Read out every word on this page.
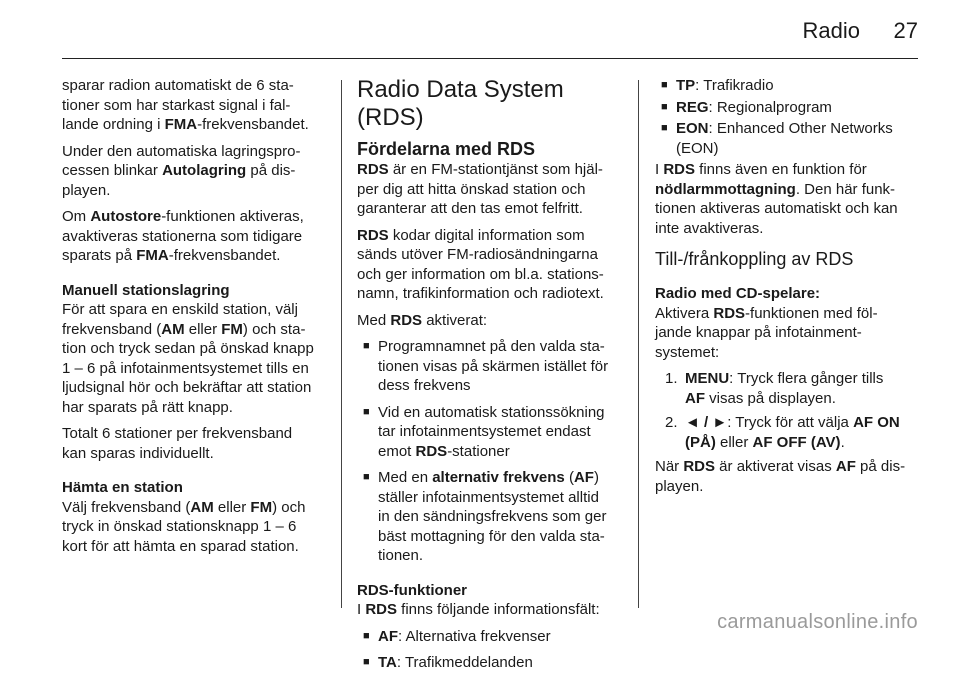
Radio 27

sparar radion automatiskt de 6 sta-
tioner som har starkast signal i fal-
lande ordning i FMA-frekvensbandet.

Under den automatiska lagringspro-
cessen blinkar Autolagring på dis-
playen.

Om Autostore-funktionen aktiveras,
avaktiveras stationerna som tidigare
sparats på FMA-frekvensbandet.

Manuell stationslagring

För att spara en enskild station, välj
frekvensband (AM eller FM) och sta-
tion och tryck sedan på önskad knapp
1 – 6 på infotainmentsystemet tills en
ljudsignal hör och bekräftar att station
har sparats på rätt knapp.

Totalt 6 stationer per frekvensband
kan sparas individuellt.

Hämta en station

Välj frekvensband (AM eller FM) och
tryck in önskad stationsknapp 1 – 6
kort för att hämta en sparad station.

Radio Data System (RDS)
Fördelarna med RDS

RDS är en FM-stationtjänst som hjäl-
per dig att hitta önskad station och
garanterar att den tas emot felfritt.

RDS kodar digital information som
sänds utöver FM-radiosändningarna
och ger information om bl.a. stations-
namn, trafikinformation och radiotext.

Med RDS aktiverat:

■ Programnamnet på den valda sta-
tionen visas på skärmen istället för
dess frekvens
■ Vid en automatisk stationssökning
tar infotainmentsystemet endast
emot RDS-stationer
■ Med en alternativ frekvens (AF)
ställer infotainmentsystemet alltid
in den sändningsfrekvens som ger
bäst mottagning för den valda sta-
tionen.
RDS-funktioner

I RDS finns följande informationsfält:

■ AF: Alternativa frekvenser
■ TA: Trafikmeddelanden
■ TP: Trafikradio
■ REG: Regionalprogram
■ EON: Enhanced Other Networks
(EON)

I RDS finns även en funktion för
nödlarmmottagning. Den här funk-
tionen aktiveras automatiskt och kan
inte avaktiveras.

Till-/frånkoppling av RDS
Radio med CD-spelare:

Aktivera RDS-funktionen med föl-
jande knappar på infotainment-
systemet:

1. MENU: Tryck flera gånger tills
AF visas på displayen.
2. ◄ / ►: Tryck för att välja AF ON
(PÅ) eller AF OFF (AV).

När RDS är aktiverat visas AF på dis-
playen.

carmanualsonline.info
